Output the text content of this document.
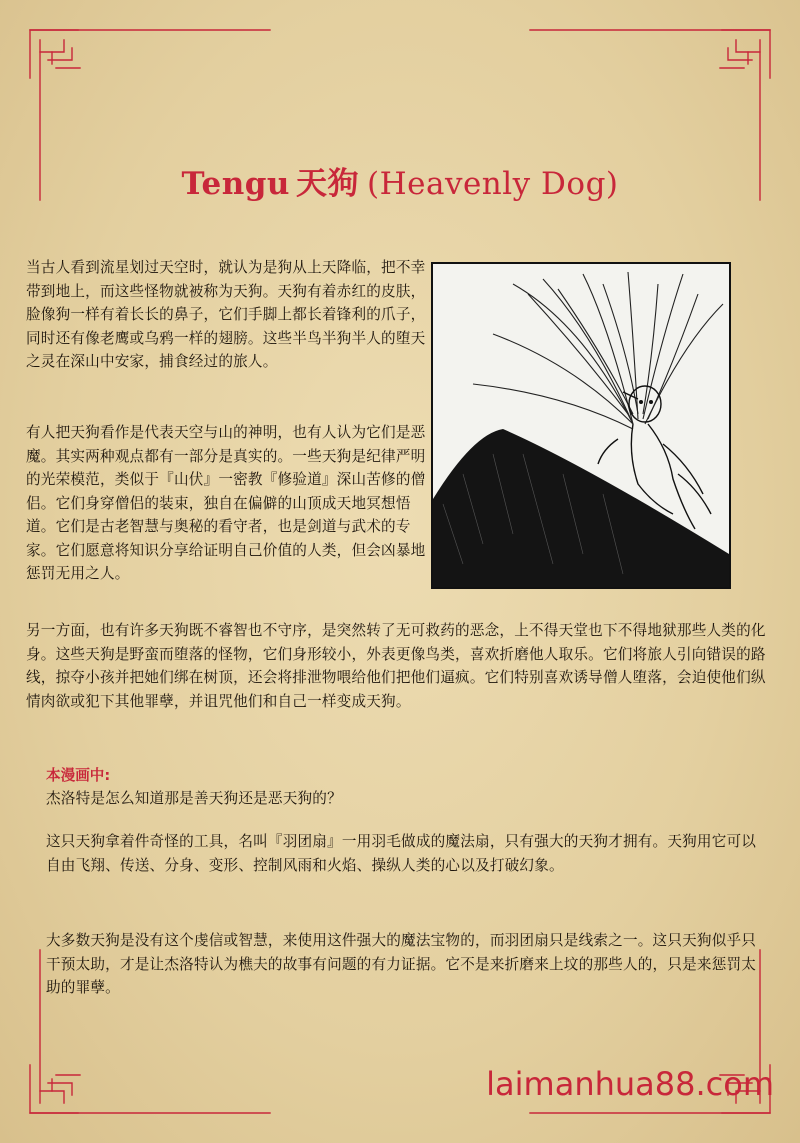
Tengu 天狗 (Heavenly Dog)

当古人看到流星划过天空时，就认为是狗从上天降临，把不幸带到地上，而这些怪物就被称为天狗。天狗有着赤红的皮肤，脸像狗一样有着长长的鼻子，它们手脚上都长着锋利的爪子，同时还有像老鹰或乌鸦一样的翅膀。这些半鸟半狗半人的堕天之灵在深山中安家，捕食经过的旅人。

有人把天狗看作是代表天空与山的神明，也有人认为它们是恶魔。其实两种观点都有一部分是真实的。一些天狗是纪律严明的光荣模范，类似于『山伏』一密教『修验道』深山苦修的僧侣。它们身穿僧侣的装束，独自在偏僻的山顶成天地冥想悟道。它们是古老智慧与奥秘的看守者，也是剑道与武术的专家。它们愿意将知识分享给证明自己价值的人类，但会凶暴地惩罚无用之人。

另一方面，也有许多天狗既不睿智也不守序，是突然转了无可救药的恶念，上不得天堂也下不得地狱那些人类的化身。这些天狗是野蛮而堕落的怪物，它们身形较小，外表更像鸟类，喜欢折磨他人取乐。它们将旅人引向错误的路线，掠夺小孩并把她们绑在树顶，还会将排泄物喂给他们把他们逼疯。它们特别喜欢诱导僧人堕落，会迫使他们纵情肉欲或犯下其他罪孽，并诅咒他们和自己一样变成天狗。

本漫画中:

杰洛特是怎么知道那是善天狗还是恶天狗的？

这只天狗拿着件奇怪的工具，名叫『羽团扇』一用羽毛做成的魔法扇，只有强大的天狗才拥有。天狗用它可以自由飞翔、传送、分身、变形、控制风雨和火焰、操纵人类的心以及打破幻象。

大多数天狗是没有这个虔信或智慧，来使用这件强大的魔法宝物的，而羽团扇只是线索之一。这只天狗似乎只干预太助，才是让杰洛特认为樵夫的故事有问题的有力证据。它不是来折磨来上坟的那些人的，只是来惩罚太助的罪孽。

laimanhua88.com
